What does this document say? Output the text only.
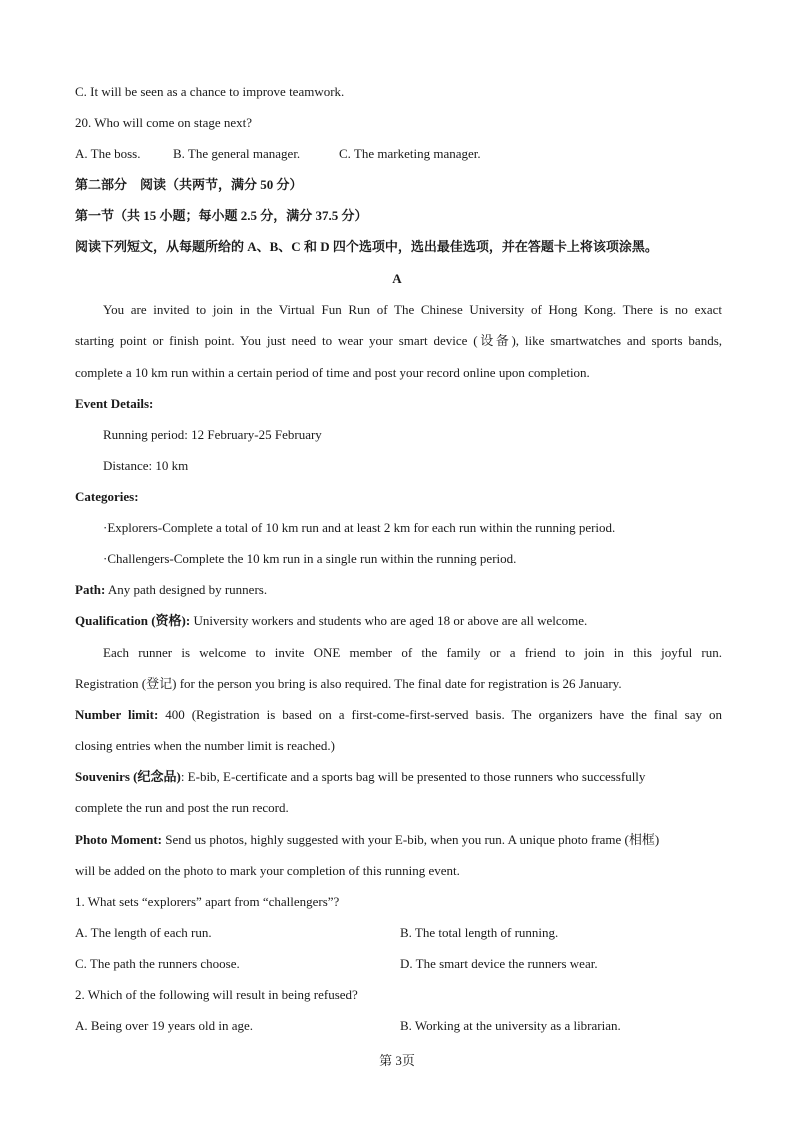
C. It will be seen as a chance to improve teamwork.
20. Who will come on stage next?
A. The boss.	B. The general manager.	C. The marketing manager.
第二部分　阅读（共两节，满分 50 分）
第一节（共 15 小题；每小题 2.5 分，满分 37.5 分）
阅读下列短文，从每题所给的 A、B、C 和 D 四个选项中，选出最佳选项，并在答题卡上将该项涂黑。
A
You are invited to join in the Virtual Fun Run of The Chinese University of Hong Kong. There is no exact
starting point or finish point. You just need to wear your smart device (设备), like smartwatches and sports bands,
complete a 10 km run within a certain period of time and post your record online upon completion.
Event Details:
Running period: 12 February-25 February
Distance: 10 km
Categories:
·Explorers-Complete a total of 10 km run and at least 2 km for each run within the running period.
·Challengers-Complete the 10 km run in a single run within the running period.
Path: Any path designed by runners.
Qualification (资格): University workers and students who are aged 18 or above are all welcome.
Each runner is welcome to invite ONE member of the family or a friend to join in this joyful run.
Registration (登记) for the person you bring is also required. The final date for registration is 26 January.
Number limit: 400 (Registration is based on a first-come-first-served basis. The organizers have the final say on
closing entries when the number limit is reached.)
Souvenirs (纪念品): E-bib, E-certificate and a sports bag will be presented to those runners who successfully
complete the run and post the run record.
Photo Moment: Send us photos, highly suggested with your E-bib, when you run. A unique photo frame (相框)
will be added on the photo to mark your completion of this running event.
1. What sets “explorers” apart from “challengers”?
A. The length of each run.	B. The total length of running.
C. The path the runners choose.	D. The smart device the runners wear.
2. Which of the following will result in being refused?
A. Being over 19 years old in age.	B. Working at the university as a librarian.
第 3页
